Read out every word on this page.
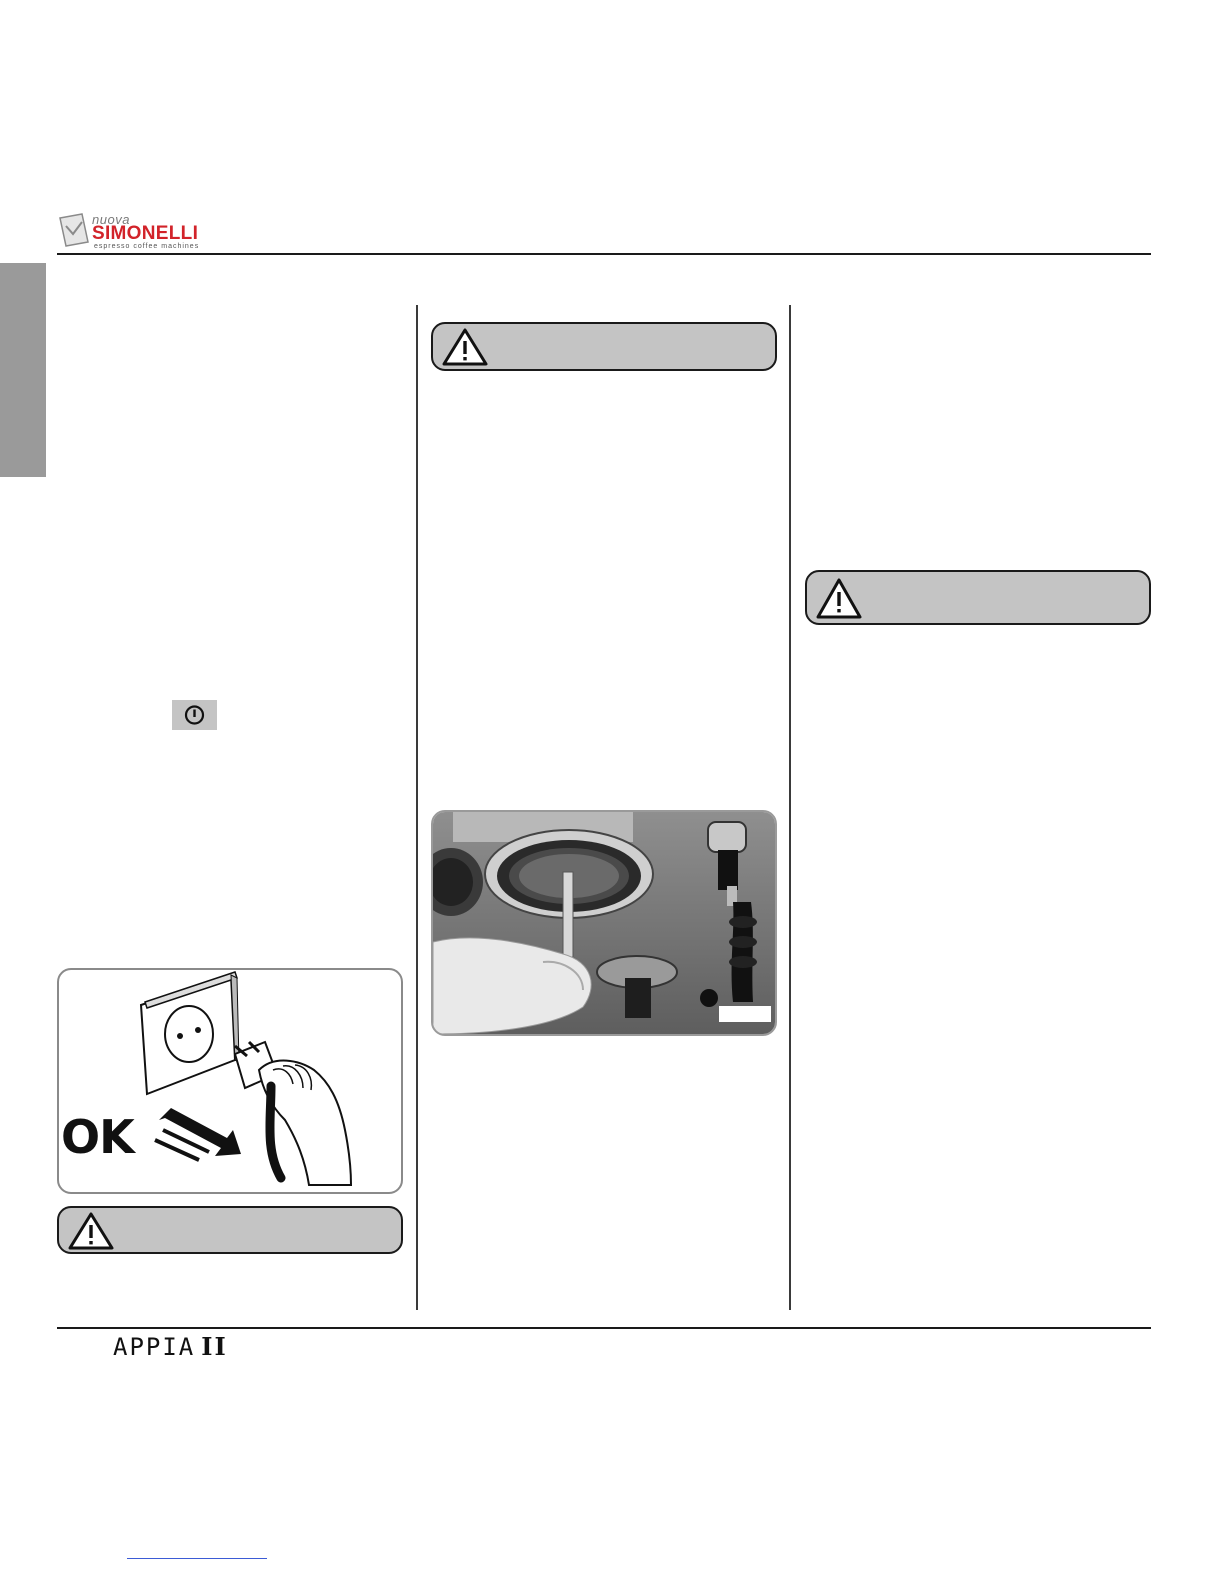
nuova
SIMONELLI
espresso coffee machines
OK
APPIA II
